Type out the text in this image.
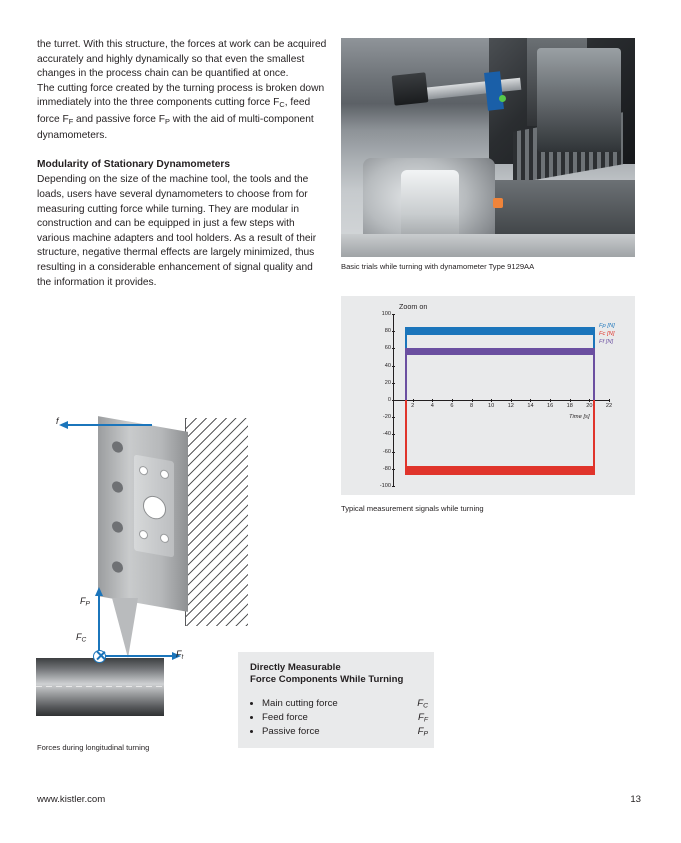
the turret. With this structure, the forces at work can be acquired accurately and highly dynamically so that even the smallest changes in the process chain can be quantified at once.

The cutting force created by the turning process is broken down immediately into the three components cutting force $F_C$, feed force $F_F$ and passive force $F_P$ with the aid of multi-component dynamometers.

Modularity of Stationary Dynamometers

Depending on the size of the machine tool, the tools and the loads, users have several dynamometers to choose from for measuring cutting force while turning. They are modular in construction and can be equipped in just a few steps with various machine adapters and tool holders. As a result of their structure, negative thermal effects are largely minimized, thus resulting in a considerable enhancement of signal quality and the information it provides.

Basic trials while turning with dynamometer Type 9129AA
Zoom on
100
80
60
40
20
0
-20
-40
-60
-80
-100
2	4	6	8	10	12	14	16	18	20	22
Time [s]
Fp [N]
Fc [N]
Ff [N]
Typical measurement signals while turning
f
$F_P$
$F_t$
$F_C$
Forces during longitudinal turning
Directly Measurable
Force Components While Turning
• Main cutting force	$F_C$
• Feed force	$F_F$
• Passive force	$F_P$
www.kistler.com	13
